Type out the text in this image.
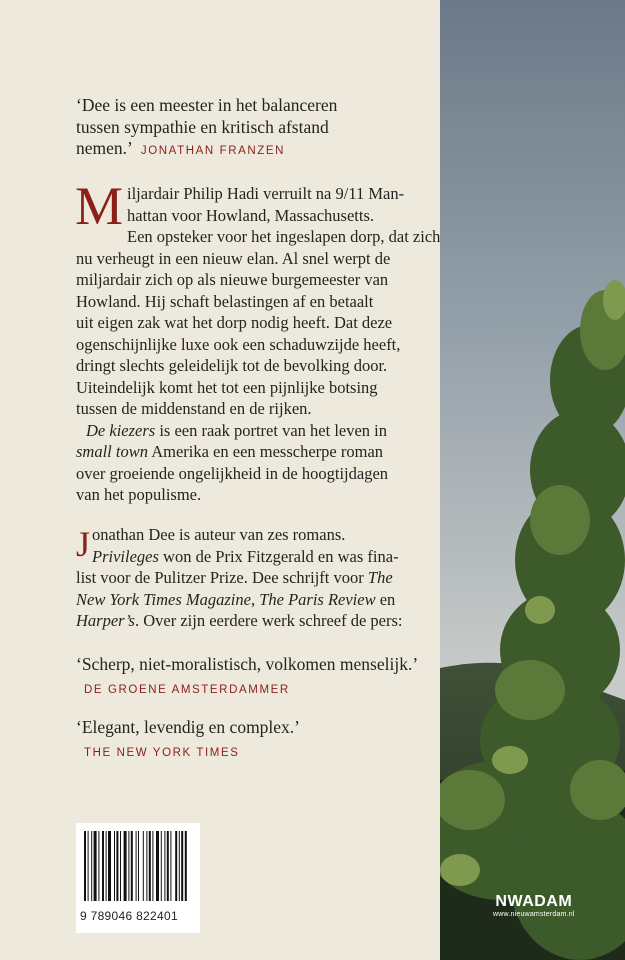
‘Dee is een meester in het balanceren
tussen sympathie en kritisch afstand
nemen.’ JONATHAN FRANZEN
M iljardair Philip Hadi verruilt na 9/11 Man-
hattan voor Howland, Massachusetts.
Een opsteker voor het ingeslapen dorp, dat zich
nu verheugt in een nieuw elan. Al snel werpt de
miljardair zich op als nieuwe burgemeester van
Howland. Hij schaft belastingen af en betaalt
uit eigen zak wat het dorp nodig heeft. Dat deze
ogenschijnlijke luxe ook een schaduwzijde heeft,
dringt slechts geleidelijk tot de bevolking door.
Uiteindelijk komt het tot een pijnlijke botsing
tussen de middenstand en de rijken.
De kiezers is een raak portret van het leven in
small town Amerika en een messcherpe roman
over groeiende ongelijkheid in de hoogtijdagen
van het populisme.
J onathan Dee is auteur van zes romans.
Privileges won de Prix Fitzgerald en was fina-
list voor de Pulitzer Prize. Dee schrijft voor The
New York Times Magazine, The Paris Review en
Harper’s. Over zijn eerdere werk schreef de pers:
‘Scherp, niet-moralistisch, volkomen menselijk.’
DE GROENE AMSTERDAMMER
‘Elegant, levendig en complex.’
THE NEW YORK TIMES
9 789046 822401
NWADAM
www.nieuwamsterdam.nl
